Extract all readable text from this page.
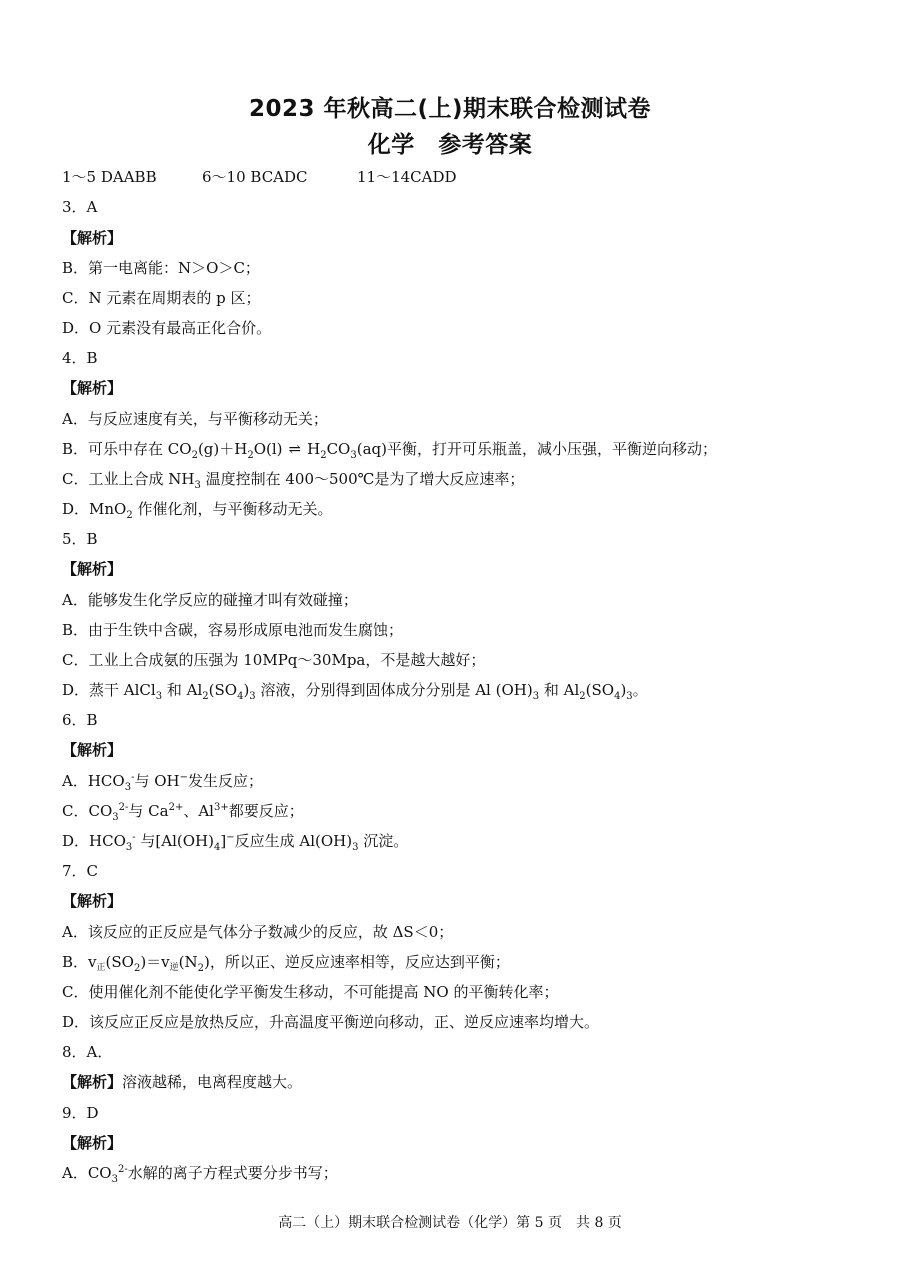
2023 年秋高二(上)期末联合检测试卷
化学　参考答案
1～5 DAABB	6～10 BCADC	11～14CADD
3．A
【解析】
B．第一电离能：N＞O＞C；
C．N 元素在周期表的 p 区；
D．O 元素没有最高正化合价。
4．B
【解析】
A．与反应速度有关，与平衡移动无关；
B．可乐中存在 $CO_2(g)+H_2O(l)$ ⇌ $H_2CO_3(aq)$平衡，打开可乐瓶盖，减小压强，平衡逆向移动；
C．工业上合成 $NH_3$ 温度控制在 400～500℃是为了增大反应速率；
D．MnO$_2$ 作催化剂，与平衡移动无关。
5．B
【解析】
A．能够发生化学反应的碰撞才叫有效碰撞；
B．由于生铁中含碳，容易形成原电池而发生腐蚀；
C．工业上合成氨的压强为 10MPq～30Mpa，不是越大越好；
D．蒸干 AlCl$_3$ 和 $Al_2(SO_4)_3$ 溶液，分别得到固体成分分别是 Al $(OH)_3$ 和 $Al_2(SO_4)_3$。
6．B
【解析】
A．$HCO_3^-$与 OH−发生反应；
C．$CO_3^{2-}$与 $Ca^{2+}$、$Al^{3+}$都要反应；
D．$HCO_3^-$ 与$[Al(OH)_4]^-$反应生成 $Al(OH)_3$ 沉淀。
7．C
【解析】
A．该反应的正反应是气体分子数减少的反应，故 ΔS＜0；
B．$v_正(SO_2)=v_逆(N_2)$，所以正、逆反应速率相等，反应达到平衡；
C．使用催化剂不能使化学平衡发生移动，不可能提高 NO 的平衡转化率；
D．该反应正反应是放热反应，升高温度平衡逆向移动，正、逆反应速率均增大。
8．A．
【解析】溶液越稀，电离程度越大。
9．D
【解析】
A．$CO_3^{2-}$水解的离子方程式要分步书写；
高二（上）期末联合检测试卷（化学）第 5 页　共 8 页
